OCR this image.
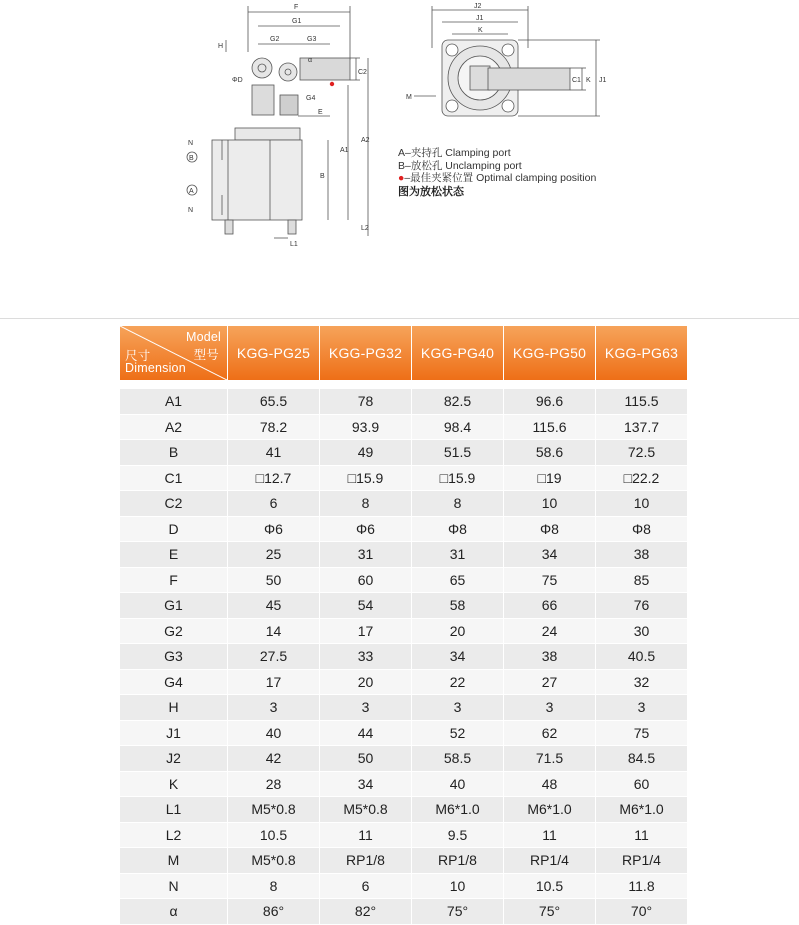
F
G1
G2	G3
H
ΦD
C2
G4
E
A1
A2
B
N
N
L1
L2
B
A
α
J2
J1
K
M
C1 K J1
A–夹持孔 Clamping port
B–放松孔 Unclamping port
●–最佳夹紧位置 Optimal clamping position
图为放松状态
Model
型号
尺寸
Dimension	KGG-PG25	KGG-PG32	KGG-PG40	KGG-PG50	KGG-PG63
A1	65.5	78	82.5	96.6	115.5
A2	78.2	93.9	98.4	115.6	137.7
B	41	49	51.5	58.6	72.5
C1	□12.7	□15.9	□15.9	□19	□22.2
C2	6	8	8	10	10
D	Φ6	Φ6	Φ8	Φ8	Φ8
E	25	31	31	34	38
F	50	60	65	75	85
G1	45	54	58	66	76
G2	14	17	20	24	30
G3	27.5	33	34	38	40.5
G4	17	20	22	27	32
H	3	3	3	3	3
J1	40	44	52	62	75
J2	42	50	58.5	71.5	84.5
K	28	34	40	48	60
L1	M5*0.8	M5*0.8	M6*1.0	M6*1.0	M6*1.0
L2	10.5	11	9.5	11	11
M	M5*0.8	RP1/8	RP1/8	RP1/4	RP1/4
N	8	6	10	10.5	11.8
α	86°	82°	75°	75°	70°
